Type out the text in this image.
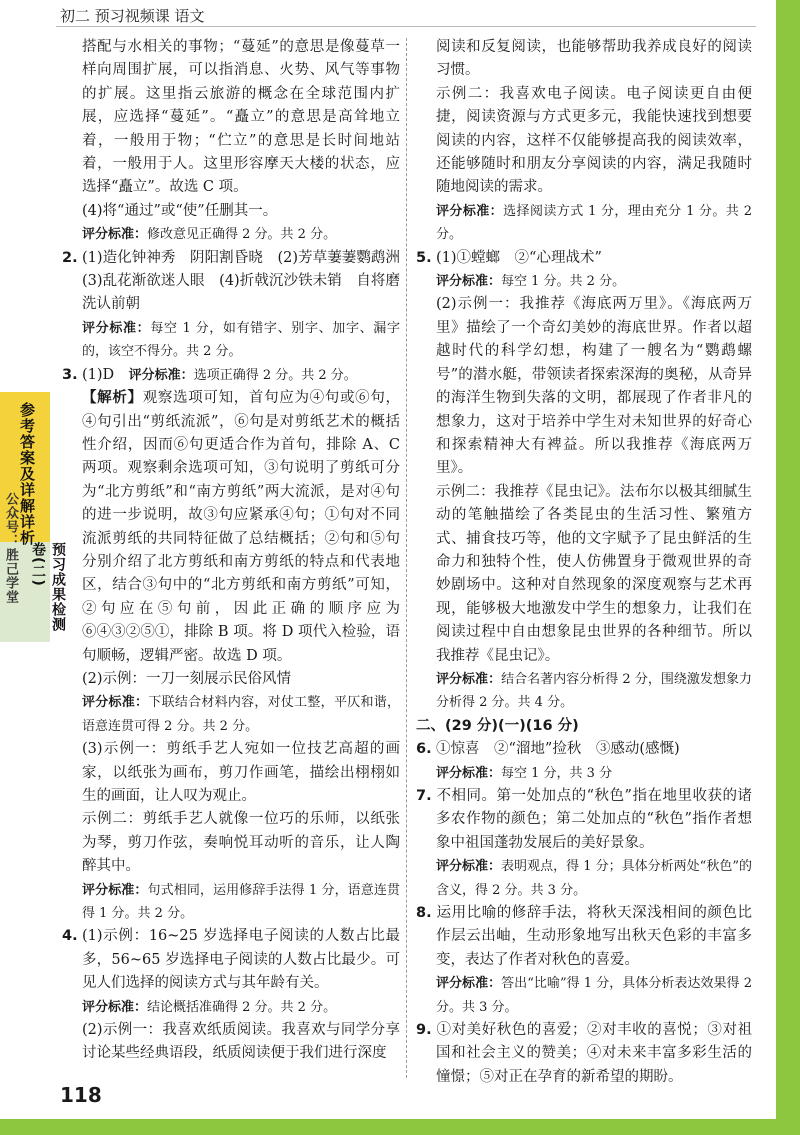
初二 预习视频课 语文
参考答案及详解详析
公众号：胜己学堂	预习成果检测卷(二)

搭配与水相关的事物；“蔓延”的意思是像蔓草一样向周围扩展，可以指消息、火势、风气等事物的扩展。这里指云旅游的概念在全球范围内扩展，应选择“蔓延”。“矗立”的意思是高耸地立着，一般用于物；“伫立”的意思是长时间地站着，一般用于人。这里形容摩天大楼的状态，应选择“矗立”。故选 C 项。

(4)将“通过”或“使”任删其一。

评分标准：修改意见正确得 2 分。共 2 分。

2. (1)造化钟神秀　阴阳割昏晓　(2)芳草萋萋鹦鹉洲　(3)乱花渐欲迷人眼　(4)折戟沉沙铁未销　自将磨洗认前朝

评分标准：每空 1 分，如有错字、别字、加字、漏字的，该空不得分。共 2 分。

3. (1)D　评分标准：选项正确得 2 分。共 2 分。

【解析】观察选项可知，首句应为④句或⑥句，④句引出“剪纸流派”，⑥句是对剪纸艺术的概括性介绍，因而⑥句更适合作为首句，排除 A、C 两项。观察剩余选项可知，③句说明了剪纸可分为“北方剪纸”和“南方剪纸”两大流派，是对④句的进一步说明，故③句应紧承④句；①句对不同流派剪纸的共同特征做了总结概括；②句和⑤句分别介绍了北方剪纸和南方剪纸的特点和代表地区，结合③句中的“北方剪纸和南方剪纸”可知，②句应在⑤句前，因此正确的顺序应为⑥④③②⑤①，排除 B 项。将 D 项代入检验，语句顺畅，逻辑严密。故选 D 项。

(2)示例：一刀一刻展示民俗风情

评分标准：下联结合材料内容，对仗工整，平仄和谐，语意连贯可得 2 分。共 2 分。

(3)示例一：剪纸手艺人宛如一位技艺高超的画家，以纸张为画布，剪刀作画笔，描绘出栩栩如生的画面，让人叹为观止。

示例二：剪纸手艺人就像一位巧的乐师，以纸张为琴，剪刀作弦，奏响悦耳动听的音乐，让人陶醉其中。

评分标准：句式相同，运用修辞手法得 1 分，语意连贯得 1 分。共 2 分。

4. (1)示例：16~25 岁选择电子阅读的人数占比最多，56~65 岁选择电子阅读的人数占比最少。可见人们选择的阅读方式与其年龄有关。

评分标准：结论概括准确得 2 分。共 2 分。

(2)示例一：我喜欢纸质阅读。我喜欢与同学分享讨论某些经典语段，纸质阅读便于我们进行深度

阅读和反复阅读，也能够帮助我养成良好的阅读习惯。

示例二：我喜欢电子阅读。电子阅读更自由便捷，阅读资源与方式更多元，我能快速找到想要阅读的内容，这样不仅能够提高我的阅读效率，还能够随时和朋友分享阅读的内容，满足我随时随地阅读的需求。

评分标准：选择阅读方式 1 分，理由充分 1 分。共 2 分。

5. (1)①螳螂　②“心理战术”

评分标准：每空 1 分。共 2 分。

(2)示例一：我推荐《海底两万里》。《海底两万里》描绘了一个奇幻美妙的海底世界。作者以超越时代的科学幻想，构建了一艘名为“鹦鹉螺号”的潜水艇，带领读者探索深海的奥秘，从奇异的海洋生物到失落的文明，都展现了作者非凡的想象力，这对于培养中学生对未知世界的好奇心和探索精神大有裨益。所以我推荐《海底两万里》。

示例二：我推荐《昆虫记》。法布尔以极其细腻生动的笔触描绘了各类昆虫的生活习性、繁殖方式、捕食技巧等，他的文字赋予了昆虫鲜活的生命力和独特个性，使人仿佛置身于微观世界的奇妙剧场中。这种对自然现象的深度观察与艺术再现，能够极大地激发中学生的想象力，让我们在阅读过程中自由想象昆虫世界的各种细节。所以我推荐《昆虫记》。

评分标准：结合名著内容分析得 2 分，围绕激发想象力分析得 2 分。共 4 分。

二、(29 分)(一)(16 分)

6. ①惊喜　②“溜地”捡秋　③感动(感慨)

评分标准：每空 1 分，共 3 分

7. 不相同。第一处加点的“秋色”指在地里收获的诸多农作物的颜色；第二处加点的“秋色”指作者想象中祖国蓬勃发展后的美好景象。

评分标准：表明观点，得 1 分；具体分析两处“秋色”的含义，得 2 分。共 3 分。

8. 运用比喻的修辞手法，将秋天深浅相间的颜色比作层云出岫，生动形象地写出秋天色彩的丰富多变，表达了作者对秋色的喜爱。

评分标准：答出“比喻”得 1 分，具体分析表达效果得 2 分。共 3 分。

9. ①对美好秋色的喜爱；②对丰收的喜悦；③对祖国和社会主义的赞美；④对未来丰富多彩生活的憧憬；⑤对正在孕育的新希望的期盼。

118
